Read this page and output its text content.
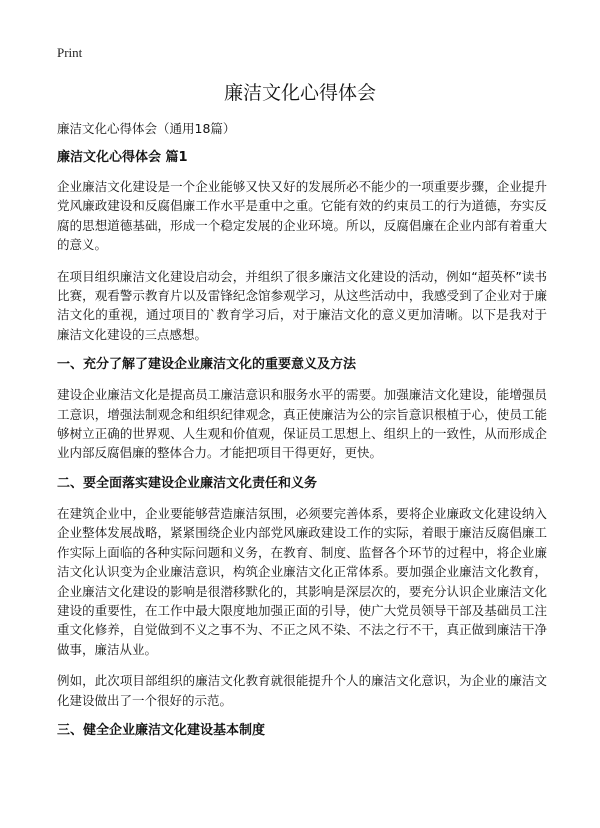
Print
廉洁文化心得体会
廉洁文化心得体会（通用18篇）
廉洁文化心得体会 篇1

企业廉洁文化建设是一个企业能够又快又好的发展所必不能少的一项重要步骤，企业提升党风廉政建设和反腐倡廉工作水平是重中之重。它能有效的约束员工的行为道德，夯实反腐的思想道德基础，形成一个稳定发展的企业环境。所以，反腐倡廉在企业内部有着重大的意义。

在项目组织廉洁文化建设启动会，并组织了很多廉洁文化建设的活动，例如“超英杯”读书比赛，观看警示教育片以及雷锋纪念馆参观学习，从这些活动中，我感受到了企业对于廉洁文化的重视，通过项目的`教育学习后，对于廉洁文化的意义更加清晰。以下是我对于廉洁文化建设的三点感想。

一、充分了解了建设企业廉洁文化的重要意义及方法

建设企业廉洁文化是提高员工廉洁意识和服务水平的需要。加强廉洁文化建设，能增强员工意识，增强法制观念和组织纪律观念，真正使廉洁为公的宗旨意识根植于心，使员工能够树立正确的世界观、人生观和价值观，保证员工思想上、组织上的一致性，从而形成企业内部反腐倡廉的整体合力。才能把项目干得更好，更快。

二、要全面落实建设企业廉洁文化责任和义务

在建筑企业中，企业要能够营造廉洁氛围，必须要完善体系，要将企业廉政文化建设纳入企业整体发展战略，紧紧围绕企业内部党风廉政建设工作的实际，着眼于廉洁反腐倡廉工作实际上面临的各种实际问题和义务，在教育、制度、监督各个环节的过程中，将企业廉洁文化认识变为企业廉洁意识，构筑企业廉洁文化正常体系。要加强企业廉洁文化教育，企业廉洁文化建设的影响是很潜移默化的，其影响是深层次的，要充分认识企业廉洁文化建设的重要性，在工作中最大限度地加强正面的引导，使广大党员领导干部及基础员工注重文化修养，自觉做到不义之事不为、不正之风不染、不法之行不干，真正做到廉洁干净做事，廉洁从业。

例如，此次项目部组织的廉洁文化教育就很能提升个人的廉洁文化意识，为企业的廉洁文化建设做出了一个很好的示范。

三、健全企业廉洁文化建设基本制度
